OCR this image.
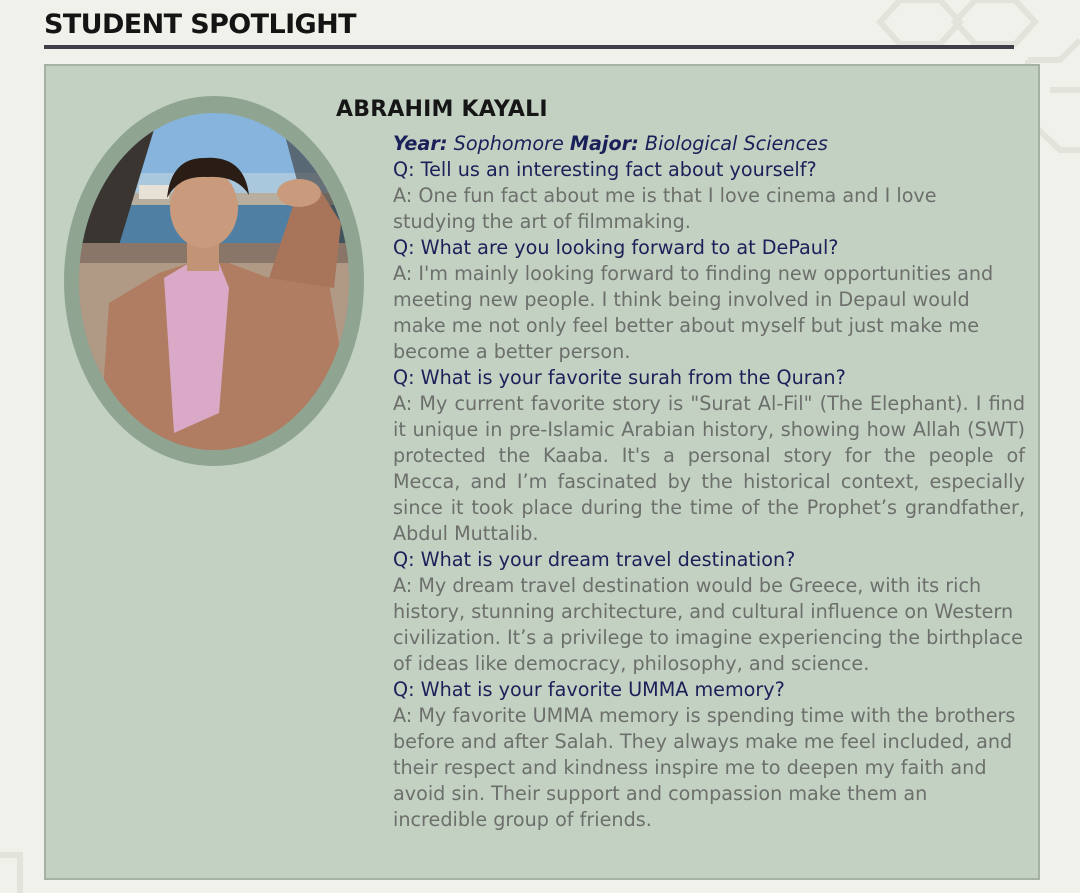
STUDENT SPOTLIGHT
ABRAHIM KAYALI

Year: Sophomore Major: Biological Sciences

Q: Tell us an interesting fact about yourself?

A: One fun fact about me is that I love cinema and I love studying the art of filmmaking.

Q: What are you looking forward to at DePaul?

A: I'm mainly looking forward to finding new opportunities and meeting new people. I think being involved in Depaul would make me not only feel better about myself but just make me become a better person.

Q: What is your favorite surah from the Quran?

A: My current favorite story is "Surat Al-Fil" (The Elephant). I find it unique in pre-Islamic Arabian history, showing how Allah (SWT) protected the Kaaba. It's a personal story for the people of Mecca, and I’m fascinated by the historical context, especially since it took place during the time of the Prophet’s grandfather, Abdul Muttalib.

Q: What is your dream travel destination?

A: My dream travel destination would be Greece, with its rich history, stunning architecture, and cultural influence on Western civilization. It’s a privilege to imagine experiencing the birthplace of ideas like democracy, philosophy, and science.

Q: What is your favorite UMMA memory?

A: My favorite UMMA memory is spending time with the brothers before and after Salah. They always make me feel included, and their respect and kindness inspire me to deepen my faith and avoid sin. Their support and compassion make them an incredible group of friends.
